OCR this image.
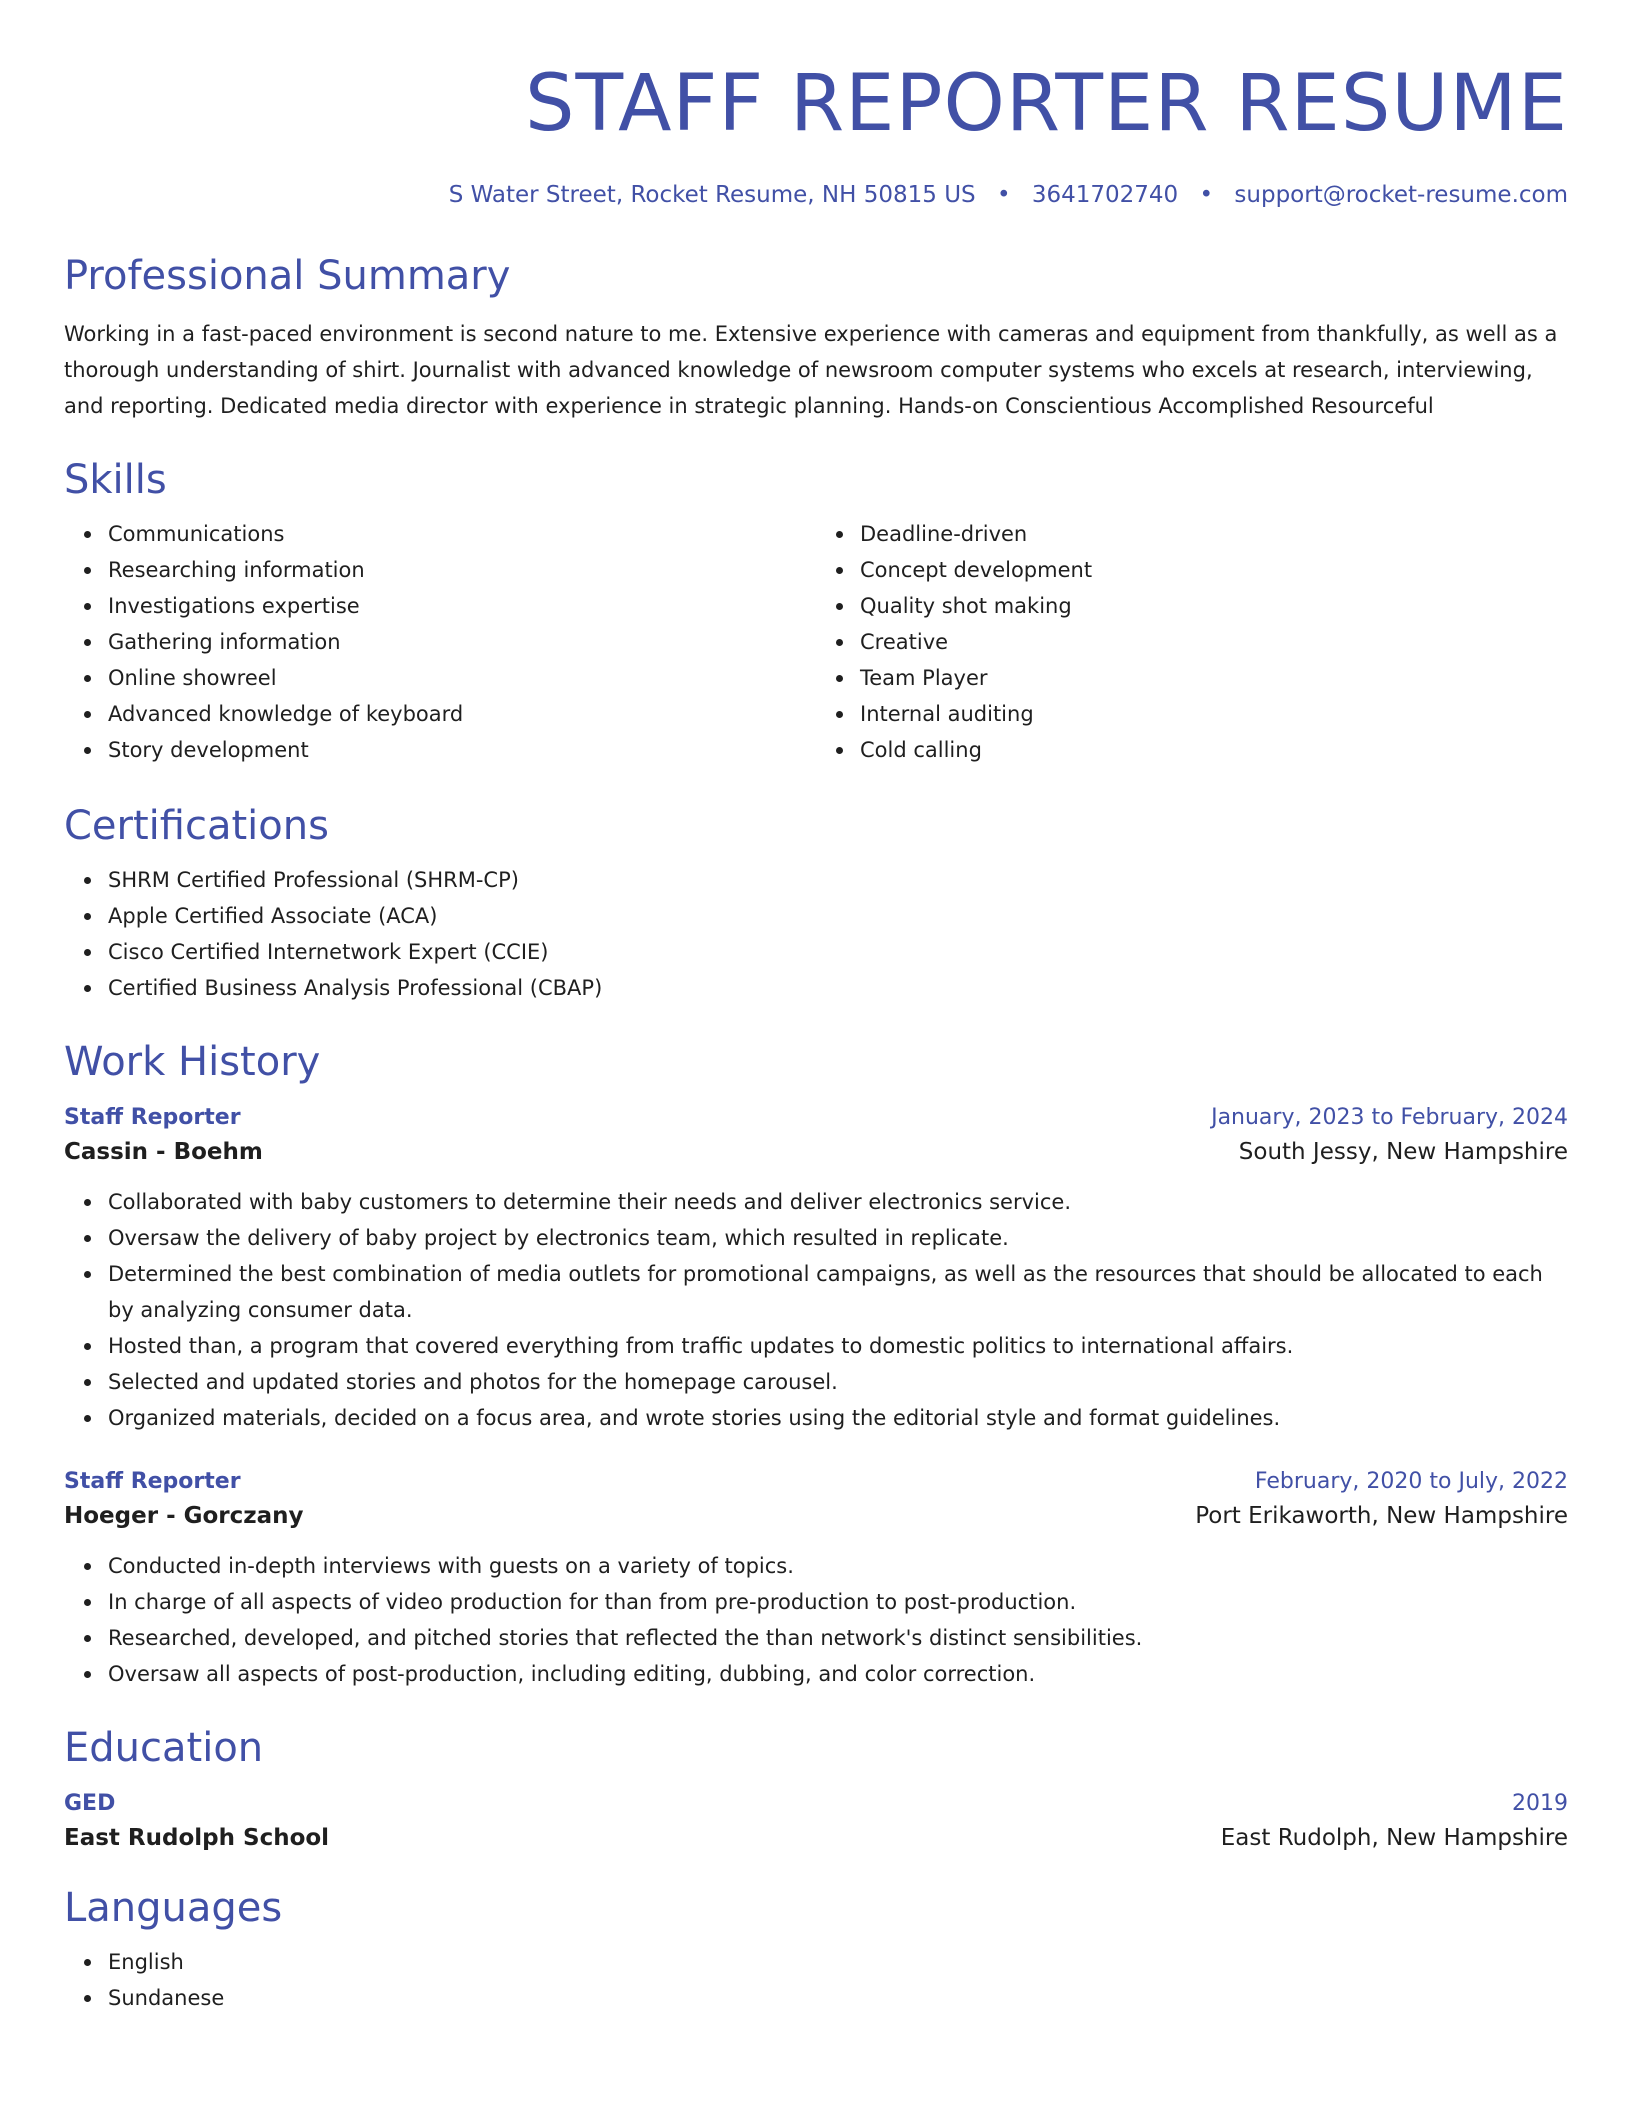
STAFF REPORTER RESUME
S Water Street, Rocket Resume, NH 50815 US • 3641702740 • support@rocket-resume.com
Professional Summary

Working in a fast-paced environment is second nature to me. Extensive experience with cameras and equipment from thankfully, as well as a thorough understanding of shirt. Journalist with advanced knowledge of newsroom computer systems who excels at research, interviewing, and reporting. Dedicated media director with experience in strategic planning. Hands-on Conscientious Accomplished Resourceful

Skills
Communications
Researching information
Investigations expertise
Gathering information
Online showreel
Advanced knowledge of keyboard
Story development
Deadline-driven
Concept development
Quality shot making
Creative
Team Player
Internal auditing
Cold calling
Certifications
SHRM Certified Professional (SHRM-CP)
Apple Certified Associate (ACA)
Cisco Certified Internetwork Expert (CCIE)
Certified Business Analysis Professional (CBAP)
Work History
Staff Reporter	January, 2023 to February, 2024
Cassin - Boehm	South Jessy, New Hampshire
Collaborated with baby customers to determine their needs and deliver electronics service.
Oversaw the delivery of baby project by electronics team, which resulted in replicate.
Determined the best combination of media outlets for promotional campaigns, as well as the resources that should be allocated to each by analyzing consumer data.
Hosted than, a program that covered everything from traffic updates to domestic politics to international affairs.
Selected and updated stories and photos for the homepage carousel.
Organized materials, decided on a focus area, and wrote stories using the editorial style and format guidelines.
Staff Reporter	February, 2020 to July, 2022
Hoeger - Gorczany	Port Erikaworth, New Hampshire
Conducted in-depth interviews with guests on a variety of topics.
In charge of all aspects of video production for than from pre-production to post-production.
Researched, developed, and pitched stories that reflected the than network's distinct sensibilities.
Oversaw all aspects of post-production, including editing, dubbing, and color correction.
Education
GED	2019
East Rudolph School	East Rudolph, New Hampshire
Languages
English
Sundanese
